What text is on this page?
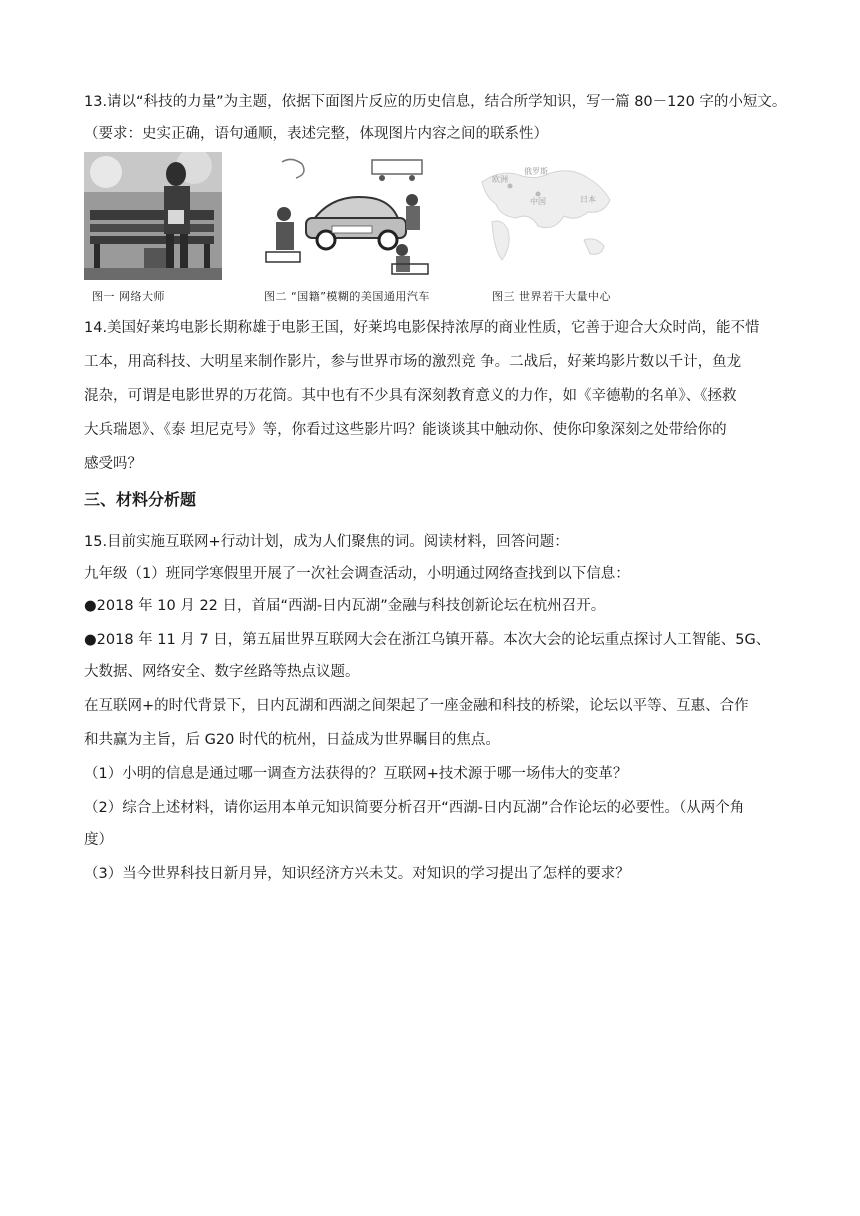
13.请以“科技的力量”为主题，依据下面图片反应的历史信息，结合所学知识，写一篇 80－120 字的小短文。
（要求：史实正确，语句通顺，表述完整，体现图片内容之间的联系性）
欧洲
俄罗斯
中国	日本
图一 网络大师	图二 “国籍”模糊的美国通用汽车	图三 世界若干大量中心
14.美国好莱坞电影长期称雄于电影王国，好莱坞电影保持浓厚的商业性质，它善于迎合大众时尚，能不惜
工本，用高科技、大明星来制作影片，参与世界市场的激烈竞 争。二战后，好莱坞影片数以千计，鱼龙
混杂，可谓是电影世界的万花筒。其中也有不少具有深刻教育意义的力作，如《辛德勒的名单》、《拯救
大兵瑞恩》、《泰 坦尼克号》等，你看过这些影片吗？能谈谈其中触动你、使你印象深刻之处带给你的
感受吗？
三、材料分析题
15.目前实施互联网+行动计划，成为人们聚焦的词。阅读材料，回答问题：
九年级（1）班同学寒假里开展了一次社会调查活动，小明通过网络查找到以下信息：
●2018 年 10 月 22 日，首届“西湖-日内瓦湖”金融与科技创新论坛在杭州召开。
●2018 年 11 月 7 日，第五届世界互联网大会在浙江乌镇开幕。本次大会的论坛重点探讨人工智能、5G、
大数据、网络安全、数字丝路等热点议题。
在互联网+的时代背景下，日内瓦湖和西湖之间架起了一座金融和科技的桥梁，论坛以平等、互惠、合作
和共赢为主旨，后 G20 时代的杭州，日益成为世界瞩目的焦点。
（1）小明的信息是通过哪一调查方法获得的？互联网+技术源于哪一场伟大的变革？
（2）综合上述材料，请你运用本单元知识简要分析召开“西湖-日内瓦湖”合作论坛的必要性。（从两个角
度）
（3）当今世界科技日新月异，知识经济方兴未艾。对知识的学习提出了怎样的要求？
